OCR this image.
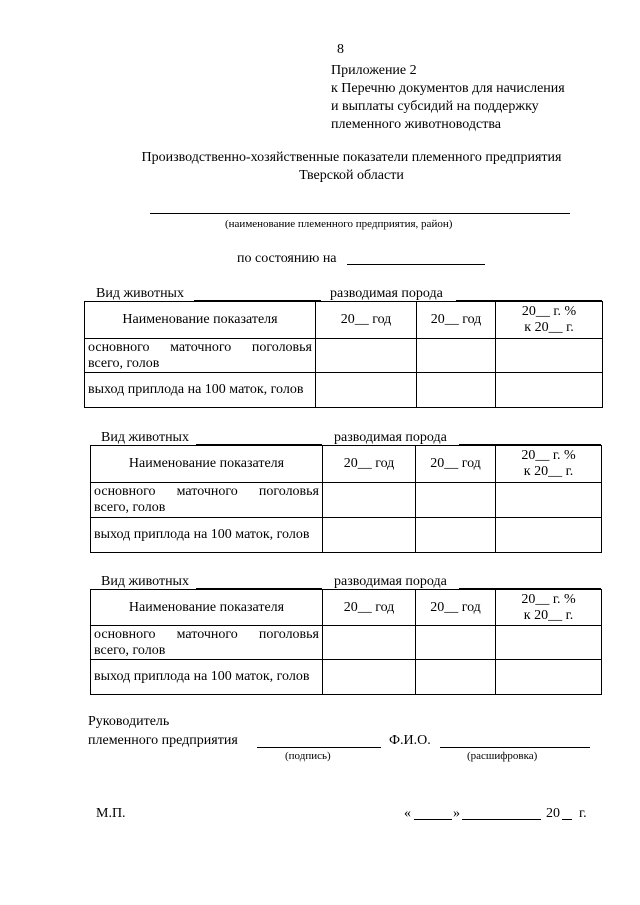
8
Приложение 2
к Перечню документов для начисления
и выплаты субсидий на поддержку
племенного животноводства
Производственно-хозяйственные показатели племенного предприятия
Тверской области
(наименование племенного предприятия, район)
по состоянию на
Вид животных	разводимая порода
Наименование показателя	20__ год	20__ год	20__ г. %
к 20__ г.

основного маточного поголовья всего, голов			
выход приплода на 100 маток, голов			
Вид животных	разводимая порода
Наименование показателя	20__ год	20__ год	20__ г. %
к 20__ г.

основного маточного поголовья всего, голов			
выход приплода на 100 маток, голов			
Вид животных	разводимая порода
Наименование показателя	20__ год	20__ год	20__ г. %
к 20__ г.

основного маточного поголовья всего, голов			
выход приплода на 100 маток, голов			
Руководитель
племенного предприятия	Ф.И.О.
(подпись)	(расшифровка)
М.П.	«	»	20 г.
